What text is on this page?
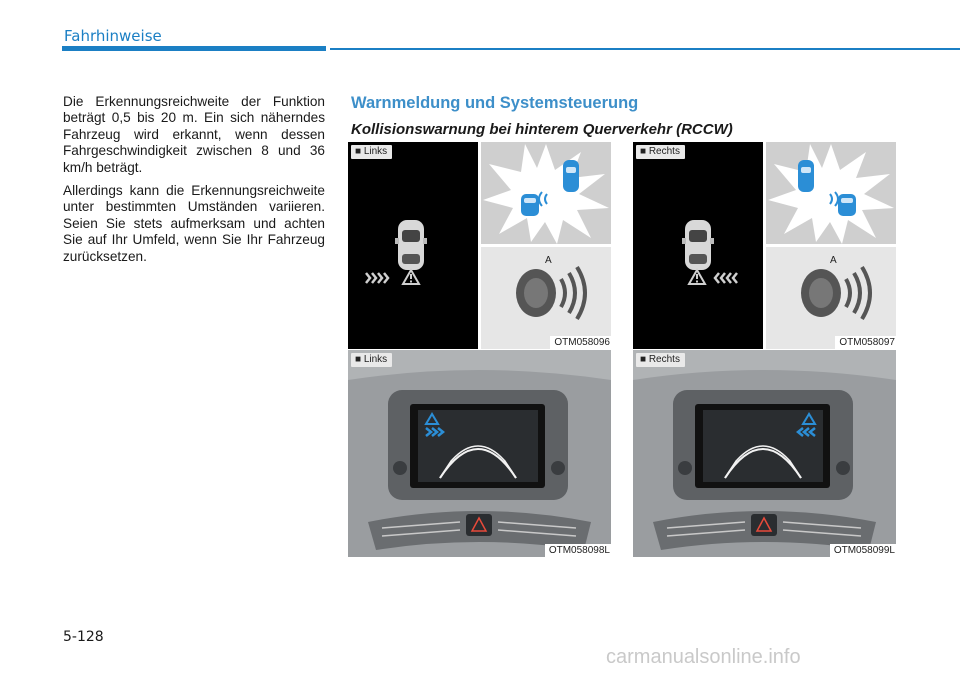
Fahrhinweise

Die Erkennungsreichweite der Funktion beträgt 0,5 bis 20 m. Ein sich näherndes Fahrzeug wird erkannt, wenn dessen Fahrgeschwindigkeit zwischen 8 und 36 km/h beträgt.

Allerdings kann die Erkennungsreichweite unter bestimmten Umständen variieren. Seien Sie stets aufmerksam und achten Sie auf Ihr Umfeld, wenn Sie Ihr Fahrzeug zurücksetzen.

Warnmeldung und Systemsteuerung
Kollisionswarnung bei hinterem Querverkehr (RCCW)
A
■ Links
OTM058096
A
■ Rechts
OTM058097
■ Links
OTM058098L
■ Rechts
OTM058099L
5-128
carmanualsonline.info
